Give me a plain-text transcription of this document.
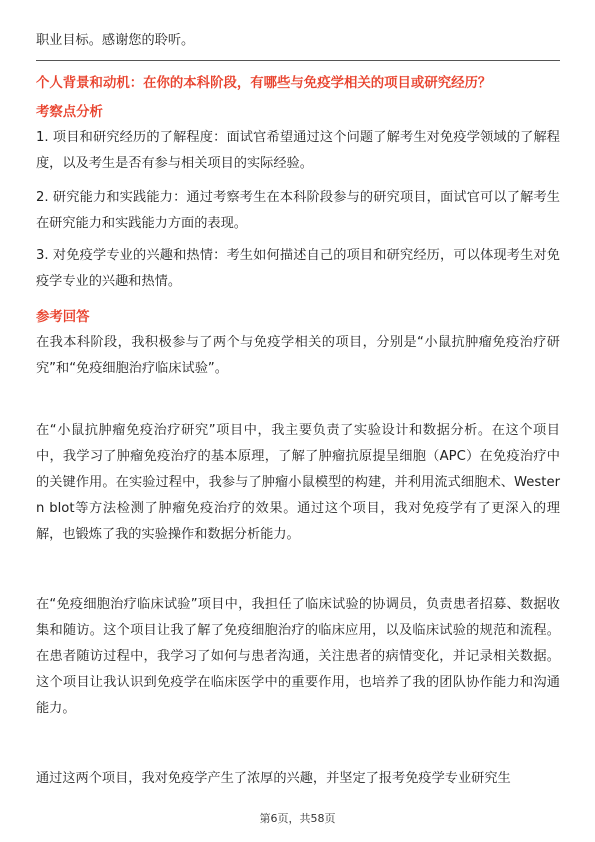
职业目标。感谢您的聆听。

个人背景和动机：在你的本科阶段，有哪些与免疫学相关的项目或研究经历？

考察点分析

1. 项目和研究经历的了解程度：面试官希望通过这个问题了解考生对免疫学领域的了解程度，以及考生是否有参与相关项目的实际经验。

2. 研究能力和实践能力：通过考察考生在本科阶段参与的研究项目，面试官可以了解考生在研究能力和实践能力方面的表现。

3. 对免疫学专业的兴趣和热情：考生如何描述自己的项目和研究经历，可以体现考生对免疫学专业的兴趣和热情。

参考回答

在我本科阶段，我积极参与了两个与免疫学相关的项目，分别是“小鼠抗肿瘤免疫治疗研究”和“免疫细胞治疗临床试验”。

在“小鼠抗肿瘤免疫治疗研究”项目中，我主要负责了实验设计和数据分析。在这个项目中，我学习了肿瘤免疫治疗的基本原理，了解了肿瘤抗原提呈细胞（APC）在免疫治疗中的关键作用。在实验过程中，我参与了肿瘤小鼠模型的构建，并利用流式细胞术、Western blot等方法检测了肿瘤免疫治疗的效果。通过这个项目，我对免疫学有了更深入的理解，也锻炼了我的实验操作和数据分析能力。

在“免疫细胞治疗临床试验”项目中，我担任了临床试验的协调员，负责患者招募、数据收集和随访。这个项目让我了解了免疫细胞治疗的临床应用，以及临床试验的规范和流程。在患者随访过程中，我学习了如何与患者沟通，关注患者的病情变化，并记录相关数据。这个项目让我认识到免疫学在临床医学中的重要作用，也培养了我的团队协作能力和沟通能力。

通过这两个项目，我对免疫学产生了浓厚的兴趣，并坚定了报考免疫学专业研究生

第6页，共58页
